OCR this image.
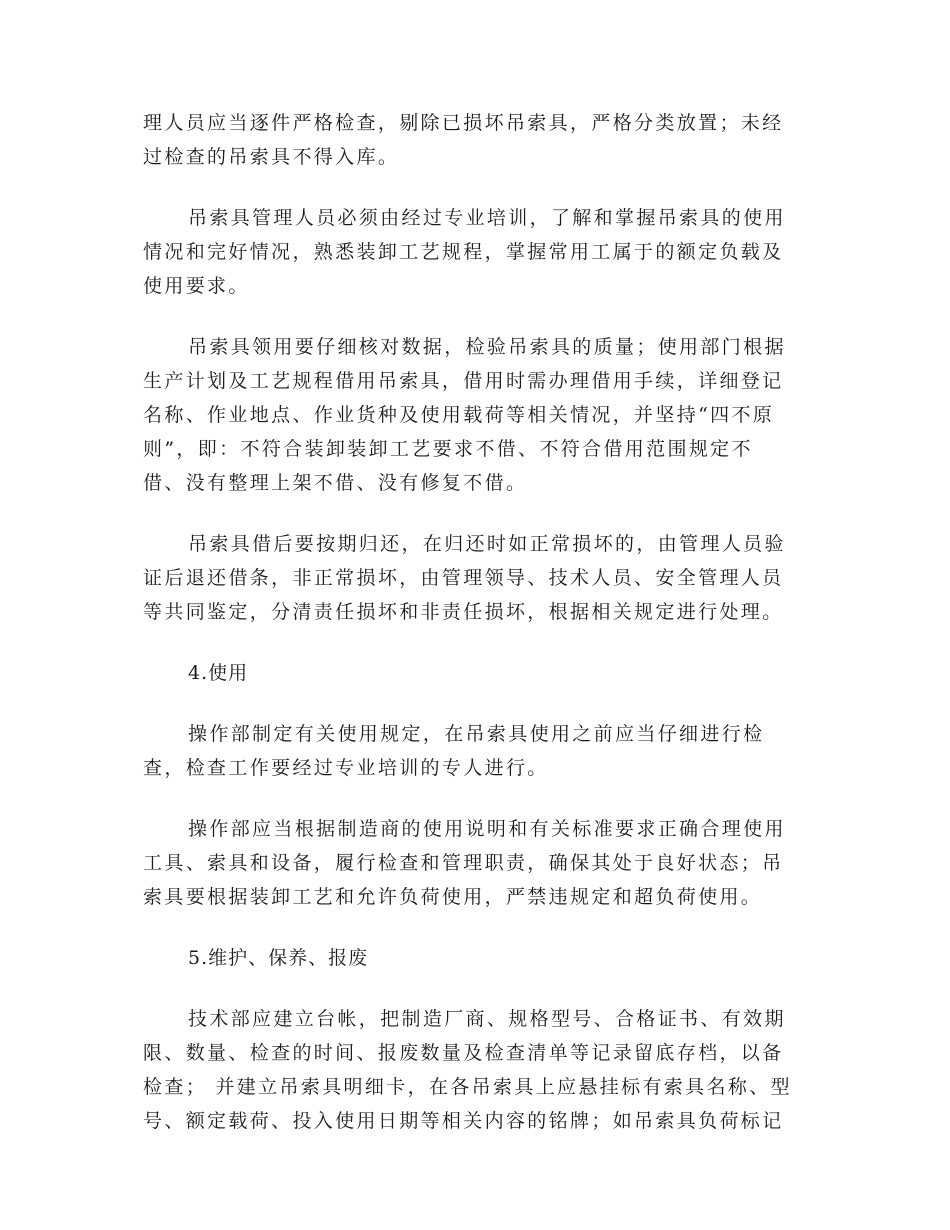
理人员应当逐件严格检查，剔除已损坏吊索具，严格分类放置；未经
过检查的吊索具不得入库。

吊索具管理人员必须由经过专业培训，了解和掌握吊索具的使用
情况和完好情况，熟悉装卸工艺规程，掌握常用工属于的额定负载及
使用要求。

吊索具领用要仔细核对数据，检验吊索具的质量；使用部门根据
生产计划及工艺规程借用吊索具，借用时需办理借用手续，详细登记
名称、作业地点、作业货种及使用载荷等相关情况，并坚持“四不原
则”，即：不符合装卸装卸工艺要求不借、不符合借用范围规定不
借、没有整理上架不借、没有修复不借。

吊索具借后要按期归还，在归还时如正常损坏的，由管理人员验
证后退还借条，非正常损坏，由管理领导、技术人员、安全管理人员
等共同鉴定，分清责任损坏和非责任损坏，根据相关规定进行处理。

4.使用

操作部制定有关使用规定，在吊索具使用之前应当仔细进行检
查，检查工作要经过专业培训的专人进行。

操作部应当根据制造商的使用说明和有关标准要求正确合理使用
工具、索具和设备，履行检查和管理职责，确保其处于良好状态；吊
索具要根据装卸工艺和允许负荷使用，严禁违规定和超负荷使用。

5.维护、保养、报废

技术部应建立台帐，把制造厂商、规格型号、合格证书、有效期
限、数量、检查的时间、报废数量及检查清单等记录留底存档，以备
检查； 并建立吊索具明细卡，在各吊索具上应悬挂标有索具名称、型
号、额定载荷、投入使用日期等相关内容的铭牌；如吊索具负荷标记
